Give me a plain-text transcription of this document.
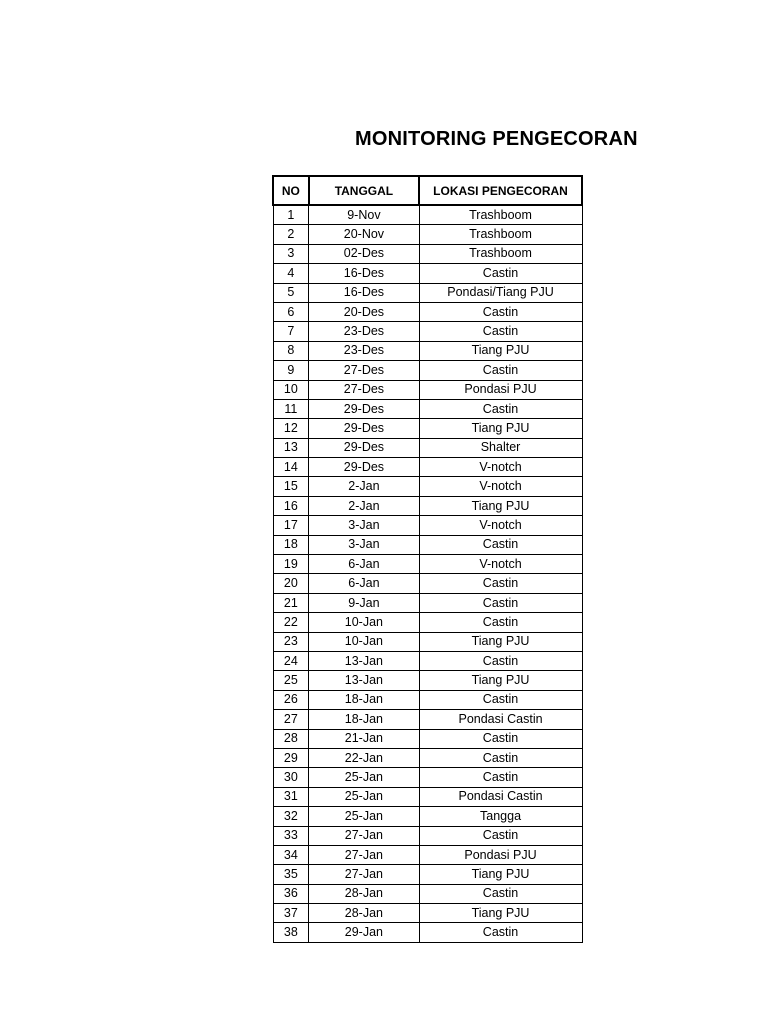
MONITORING PENGECORAN
NO	TANGGAL	LOKASI PENGECORAN
1	9-Nov	Trashboom
2	20-Nov	Trashboom
3	02-Des	Trashboom
4	16-Des	Castin
5	16-Des	Pondasi/Tiang PJU
6	20-Des	Castin
7	23-Des	Castin
8	23-Des	Tiang PJU
9	27-Des	Castin
10	27-Des	Pondasi PJU
11	29-Des	Castin
12	29-Des	Tiang PJU
13	29-Des	Shalter
14	29-Des	V-notch
15	2-Jan	V-notch
16	2-Jan	Tiang PJU
17	3-Jan	V-notch
18	3-Jan	Castin
19	6-Jan	V-notch
20	6-Jan	Castin
21	9-Jan	Castin
22	10-Jan	Castin
23	10-Jan	Tiang PJU
24	13-Jan	Castin
25	13-Jan	Tiang PJU
26	18-Jan	Castin
27	18-Jan	Pondasi Castin
28	21-Jan	Castin
29	22-Jan	Castin
30	25-Jan	Castin
31	25-Jan	Pondasi Castin
32	25-Jan	Tangga
33	27-Jan	Castin
34	27-Jan	Pondasi PJU
35	27-Jan	Tiang PJU
36	28-Jan	Castin
37	28-Jan	Tiang PJU
38	29-Jan	Castin
